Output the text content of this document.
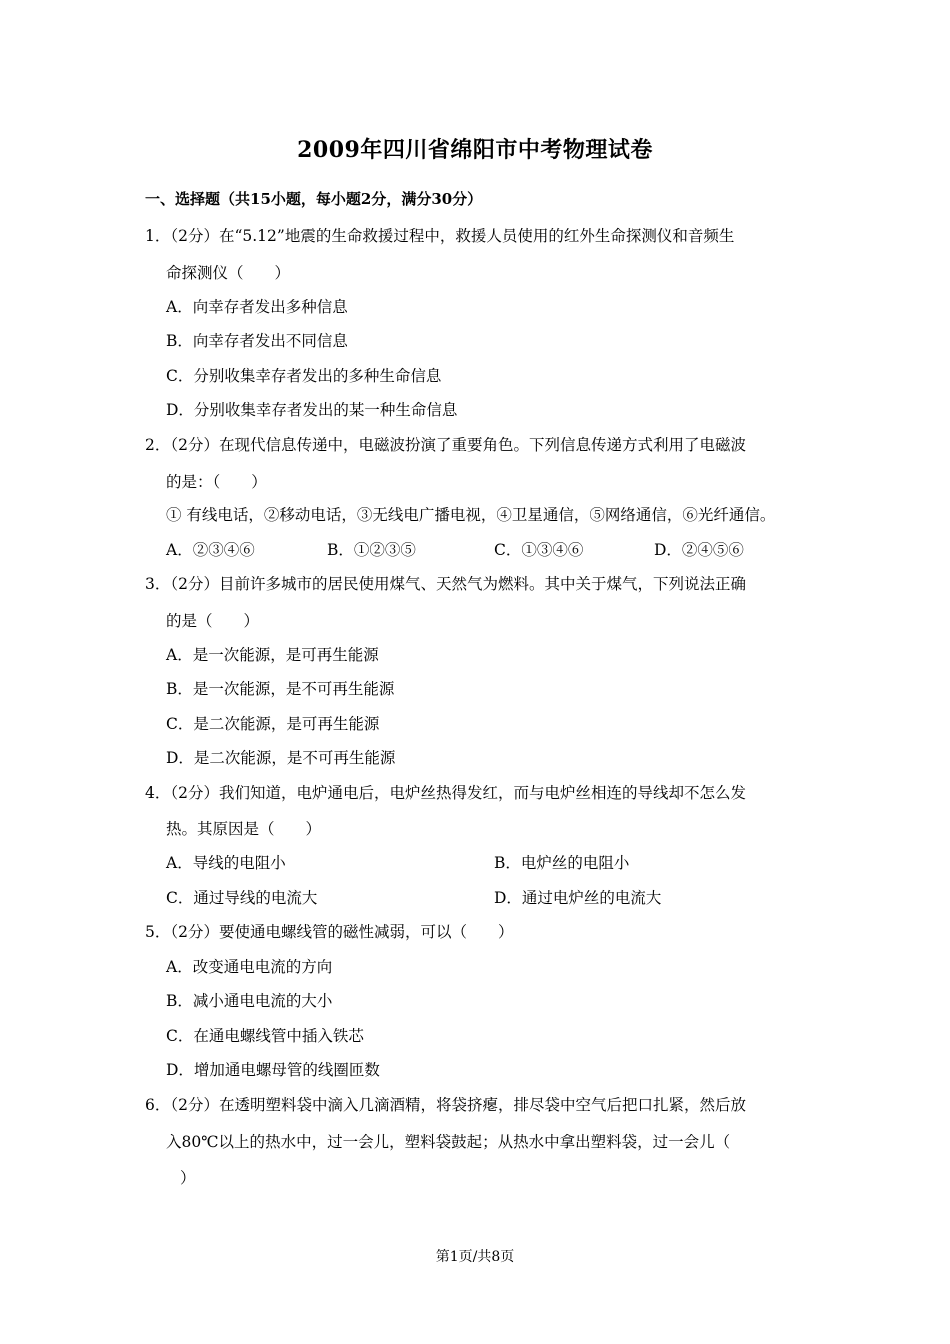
2009年四川省绵阳市中考物理试卷
一、选择题（共15小题，每小题2分，满分30分）
1．（2分）在“5.12”地震的生命救援过程中，救援人员使用的红外生命探测仪和音频生
命探测仪（　　）
A．向幸存者发出多种信息
B．向幸存者发出不同信息
C．分别收集幸存者发出的多种生命信息
D．分别收集幸存者发出的某一种生命信息
2．（2分）在现代信息传递中，电磁波扮演了重要角色。下列信息传递方式利用了电磁波
的是：（　　）
① 有线电话，②移动电话，③无线电广播电视，④卫星通信，⑤网络通信，⑥光纤通信。
A．②③④⑥	B．①②③⑤	C．①③④⑥	D．②④⑤⑥
3．（2分）目前许多城市的居民使用煤气、天然气为燃料。其中关于煤气，下列说法正确
的是（　　）
A．是一次能源，是可再生能源
B．是一次能源，是不可再生能源
C．是二次能源，是可再生能源
D．是二次能源，是不可再生能源
4．（2分）我们知道，电炉通电后，电炉丝热得发红，而与电炉丝相连的导线却不怎么发
热。其原因是（　　）
A．导线的电阻小	B．电炉丝的电阻小
C．通过导线的电流大	D．通过电炉丝的电流大
5．（2分）要使通电螺线管的磁性减弱，可以（　　）
A．改变通电电流的方向
B．减小通电电流的大小
C．在通电螺线管中插入铁芯
D．增加通电螺母管的线圈匝数
6．（2分）在透明塑料袋中滴入几滴酒精，将袋挤瘪，排尽袋中空气后把口扎紧，然后放
入80℃以上的热水中，过一会儿，塑料袋鼓起；从热水中拿出塑料袋，过一会儿（
）
第1页/共8页
